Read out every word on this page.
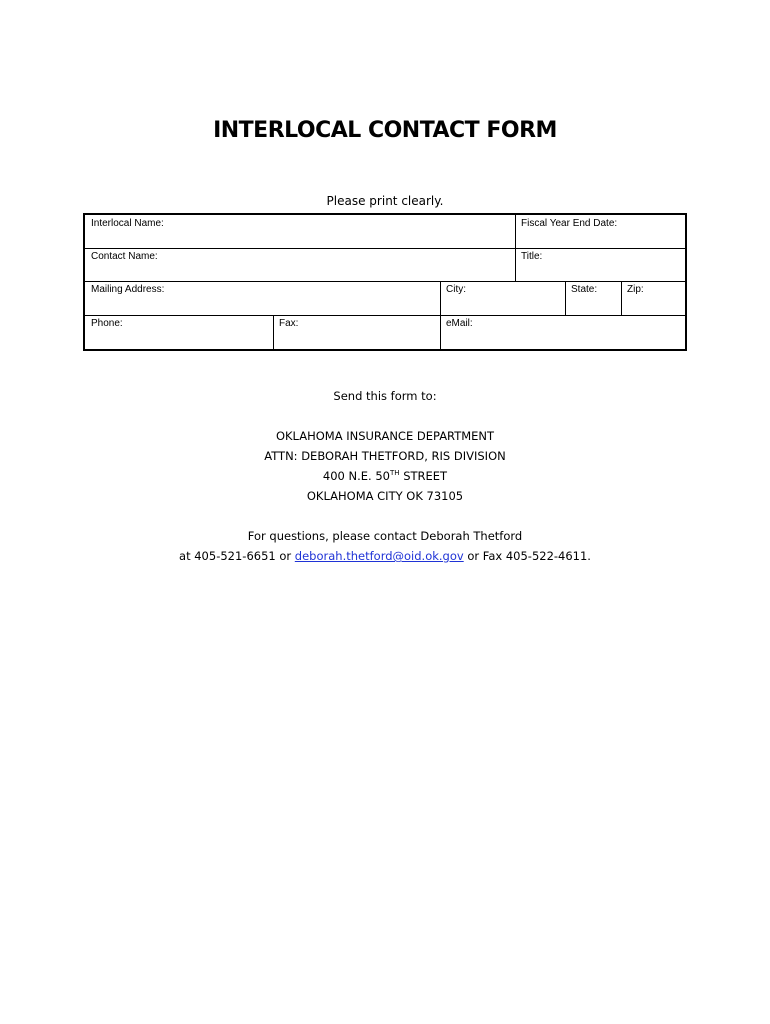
INTERLOCAL CONTACT FORM
Please print clearly.
Interlocal Name:	Fiscal Year End Date:
Contact Name:	Title:
Mailing Address:	City:	State:	Zip:
Phone:	Fax:	eMail:
Send this form to:
OKLAHOMA INSURANCE DEPARTMENT
ATTN: DEBORAH THETFORD, RIS DIVISION
400 N.E. 50TH STREET
OKLAHOMA CITY OK 73105
For questions, please contact Deborah Thetford
at 405-521-6651 or deborah.thetford@oid.ok.gov or Fax 405-522-4611.
